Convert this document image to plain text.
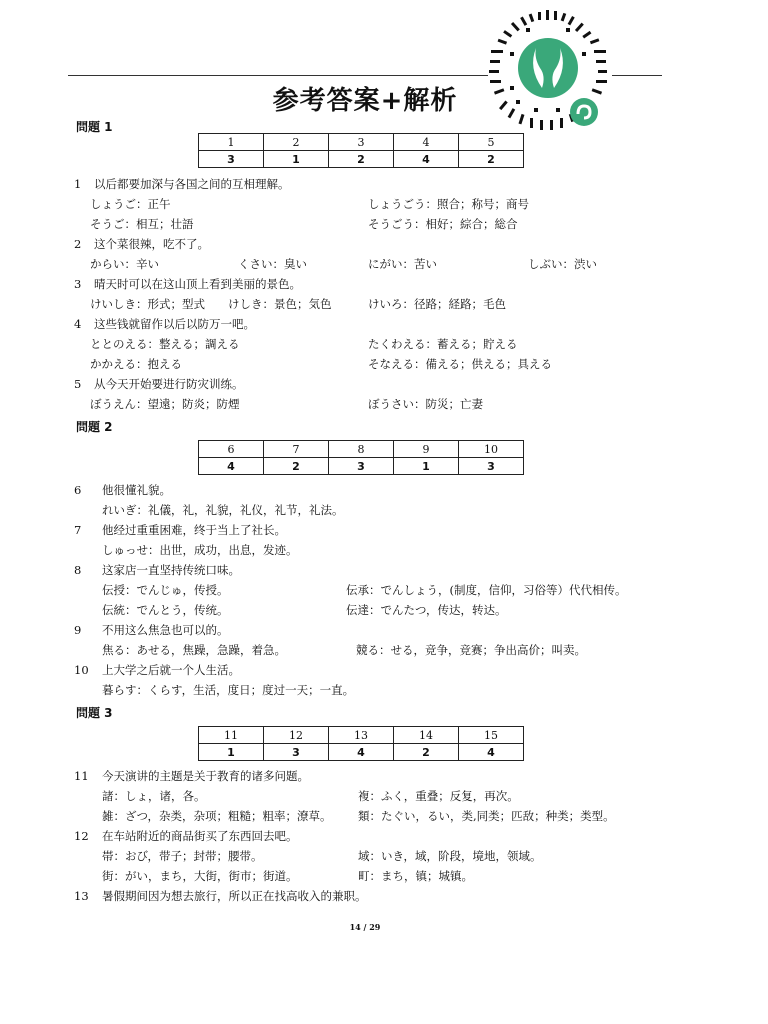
参考答案+解析
問題 1
1	2	3	4	5
3	1	2	4	2
1 以后都要加深与各国之间的互相理解。
しょうご：正午	しょうごう：照合；称号；商号
そうご：相互；壮語	そうごう：相好；綜合；総合
2 这个菜很辣，吃不了。
からい：辛い	くさい：臭い	にがい：苦い	しぶい：渋い
3 晴天时可以在这山顶上看到美丽的景色。
けいしき：形式；型式 けしき：景色；気色	けいろ：径路；経路；毛色
4 这些钱就留作以后以防万一吧。
ととのえる：整える；調える	たくわえる：蓄える；貯える
かかえる：抱える	そなえる：備える；供える；具える
5 从今天开始要进行防灾训练。
ぼうえん：望遠；防炎；防煙	ぼうさい：防災；亡妻
問題 2
6	7	8	9	10
4	2	3	1	3
6 他很懂礼貌。
れいぎ：礼儀，礼，礼貌，礼仪，礼节，礼法。
7 他经过重重困难，终于当上了社长。
しゅっせ：出世，成功，出息，发迹。
8 这家店一直坚持传统口味。
伝授：でんじゅ，传授。	伝承：でんしょう，(制度，信仰，习俗等）代代相传。
伝統：でんとう，传统。	伝達：でんたつ，传达，转达。
9 不用这么焦急也可以的。
焦る：あせる，焦躁，急躁，着急。	競る：せる，竞争，竞赛；争出高价；叫卖。
10 上大学之后就一个人生活。
暮らす：くらす，生活，度日；度过一天；一直。
問題 3
11	12	13	14	15
1	3	4	2	4
11 今天演讲的主题是关于教育的诸多问题。
諸：しょ，诸，各。	複：ふく，重叠；反复，再次。
雑：ざつ，杂类，杂项；粗糙；粗率；潦草。 類：たぐい，るい，类,同类；匹敌；种类；类型。
12 在车站附近的商品街买了东西回去吧。
帯：おび，带子；封带；腰带。	域：いき，域，阶段，境地，领域。
街：がい，まち，大街，街市；街道。	町：まち，镇；城镇。
13 暑假期间因为想去旅行，所以正在找高收入的兼职。
14 / 29
